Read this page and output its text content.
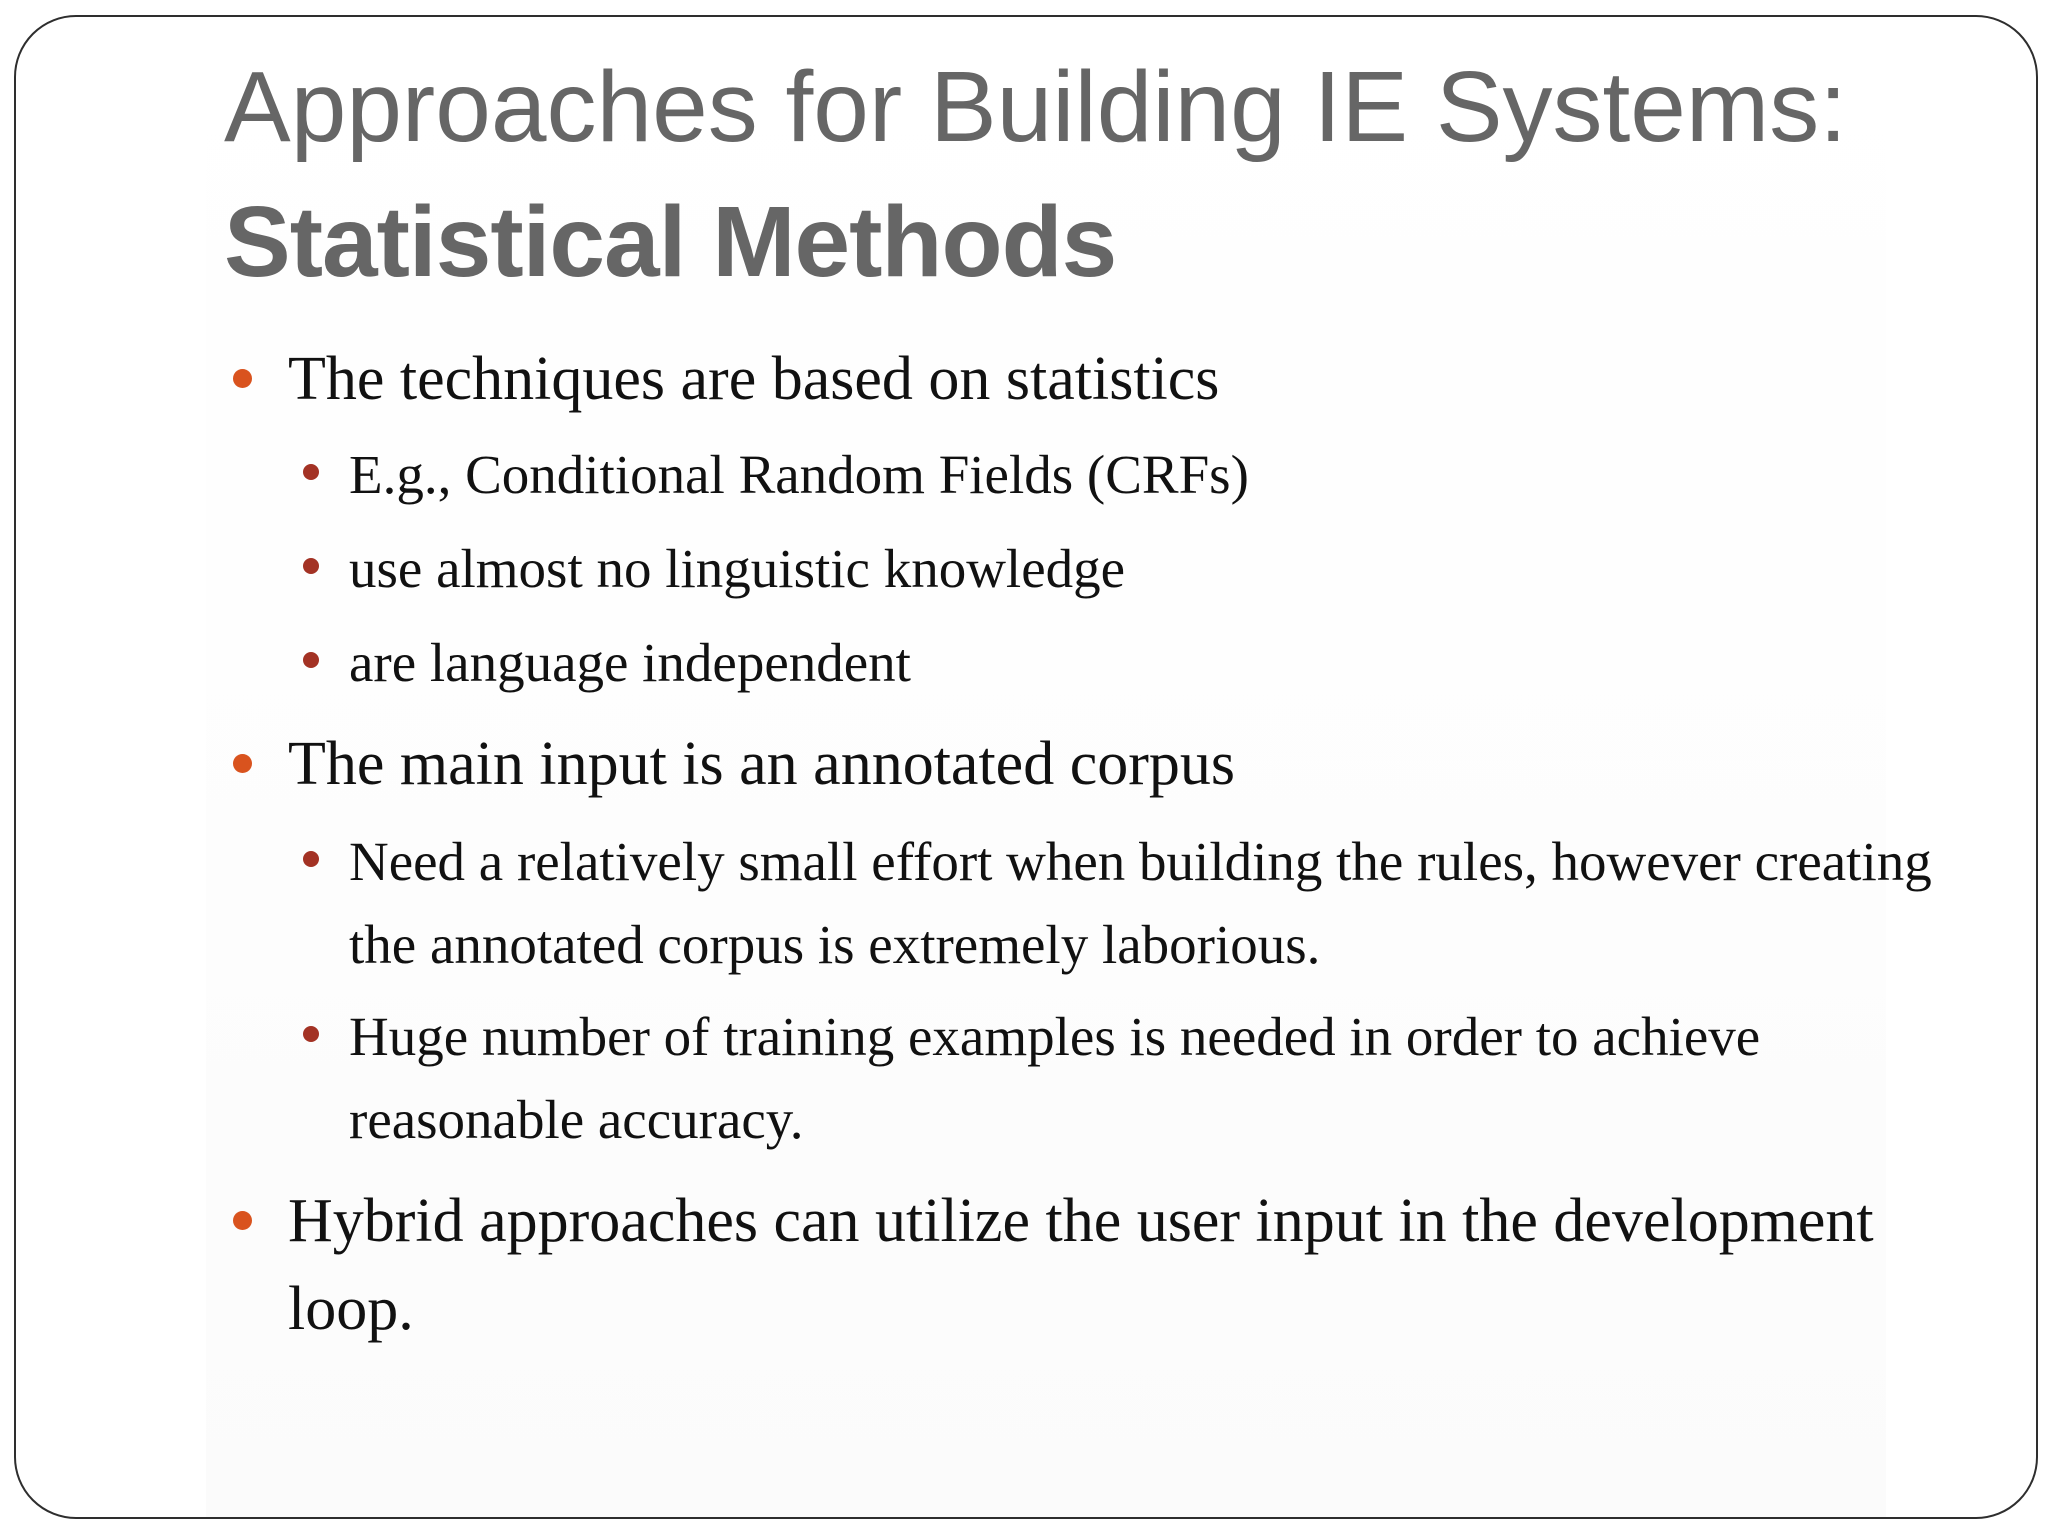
Approaches for Building IE Systems: Statistical Methods

The techniques are based on statistics

E.g., Conditional Random Fields (CRFs)

use almost no linguistic knowledge

are language independent

The main input is an annotated corpus

Need a relatively small effort when building the rules, however creating the annotated corpus is extremely laborious.

Huge number of training examples is needed in order to achieve reasonable accuracy.

Hybrid approaches can utilize the user input in the development loop.
